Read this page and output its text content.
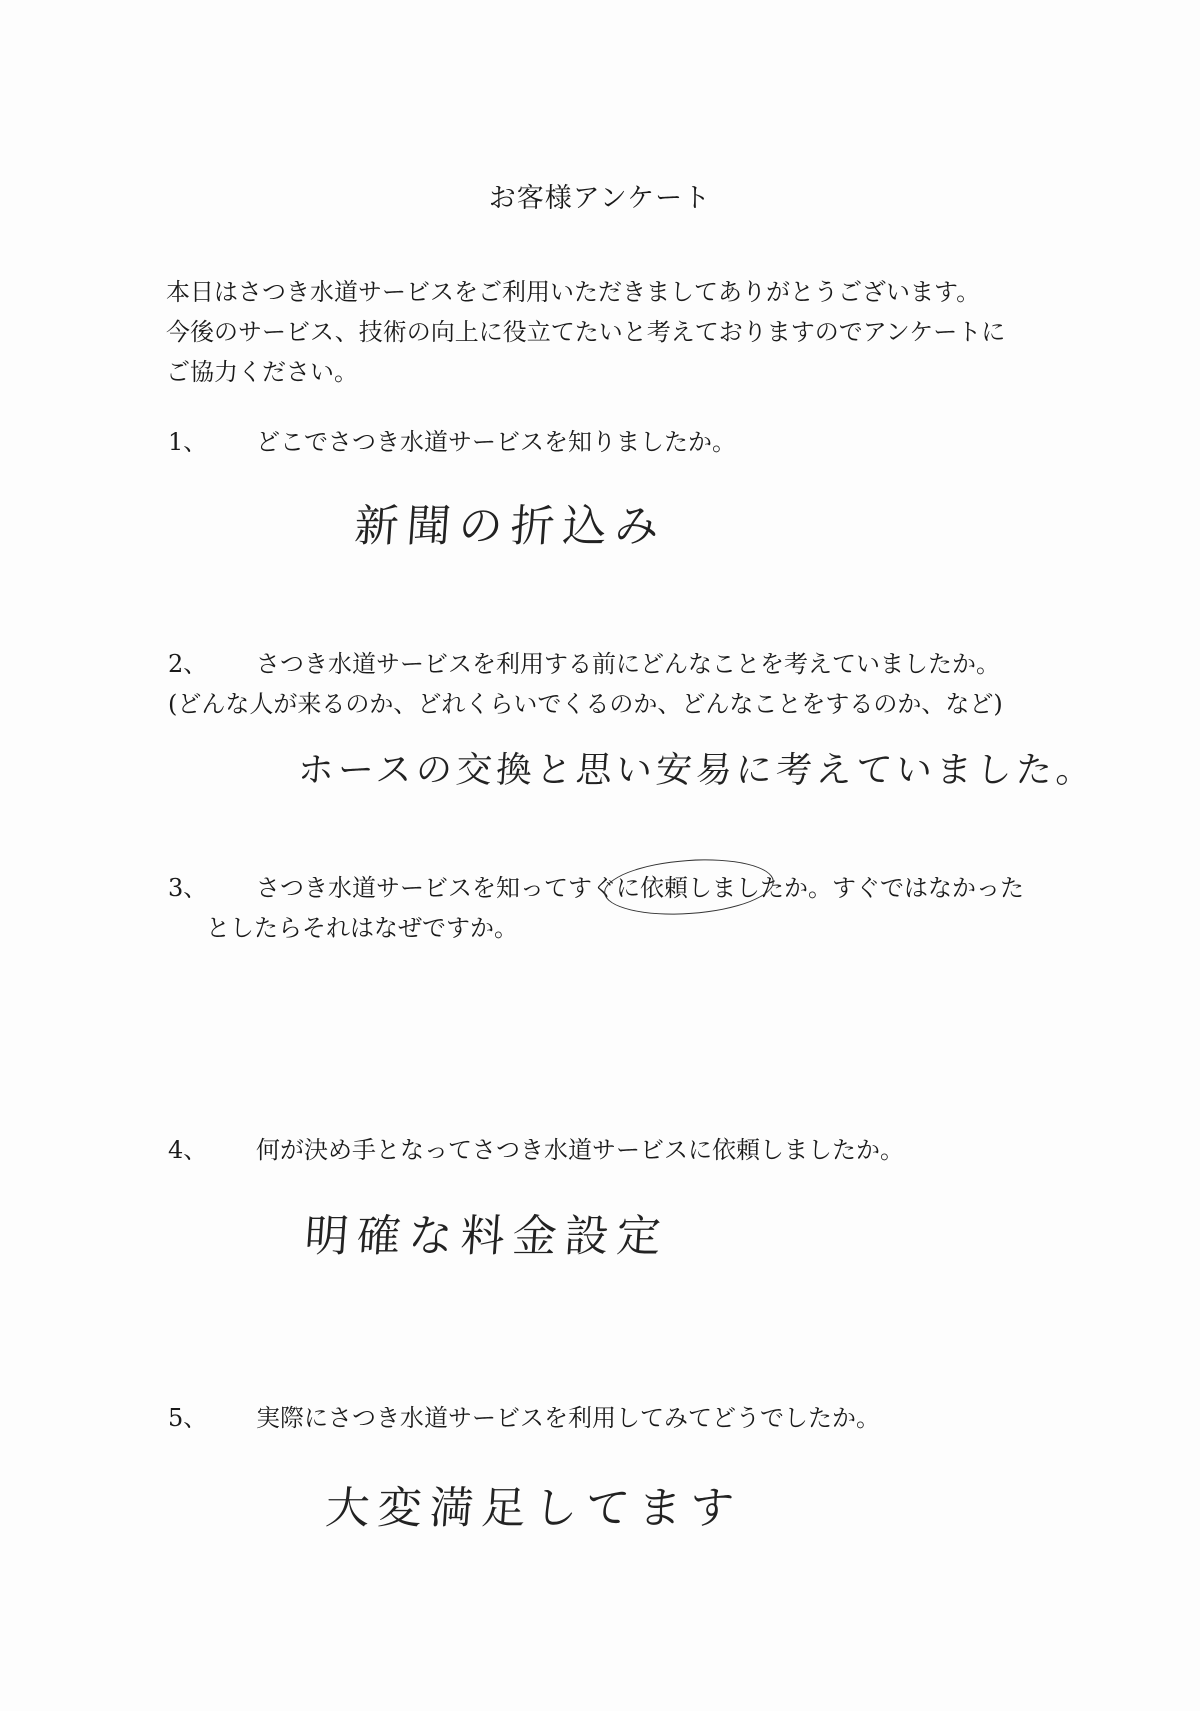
お客様アンケート
本日はさつき水道サービスをご利用いただきましてありがとうございます。
今後のサービス、技術の向上に役立てたいと考えておりますのでアンケートに
ご協力ください。
1、	どこでさつき水道サービスを知りましたか。
新聞の折込み
2、	さつき水道サービスを利用する前にどんなことを考えていましたか。
(どんな人が来るのか、どれくらいでくるのか、どんなことをするのか、など)
ホースの交換と思い安易に考えていました。
3、	さつき水道サービスを知ってすぐに依頼しましたか。すぐではなかった
としたらそれはなぜですか。
4、	何が決め手となってさつき水道サービスに依頼しましたか。
明確な料金設定
5、	実際にさつき水道サービスを利用してみてどうでしたか。
大変満足してます
